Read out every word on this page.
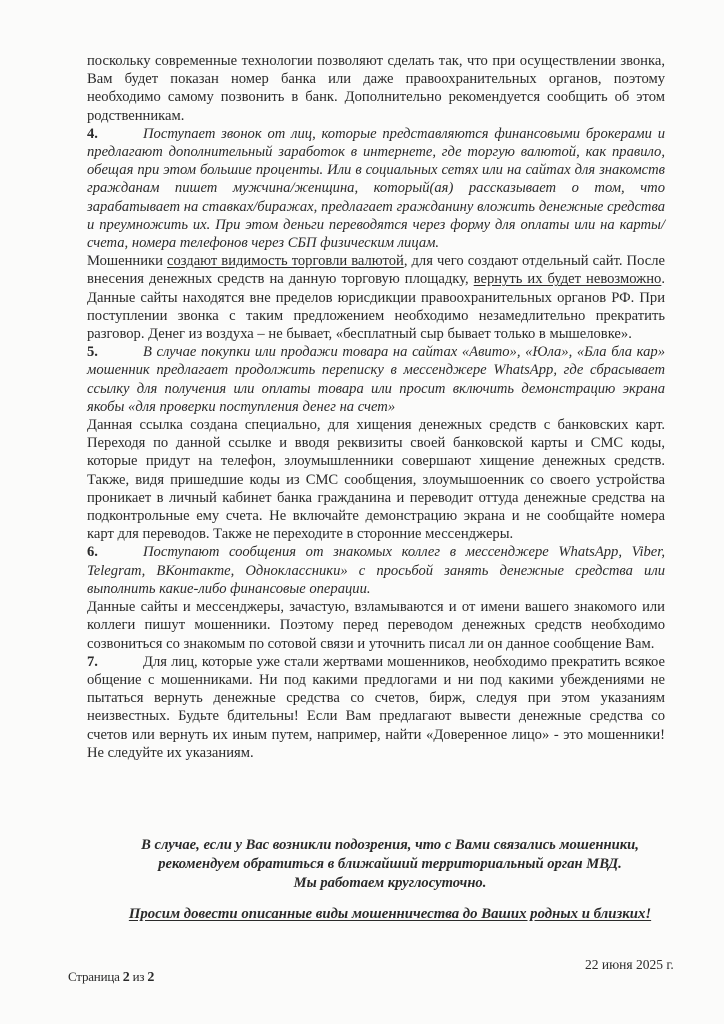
поскольку современные технологии позволяют сделать так, что при осуществлении звонка, Вам будет показан номер банка или даже правоохранительных органов, поэтому необходимо самому позвонить в банк. Дополнительно рекомендуется сообщить об этом родственникам.

4.	Поступает звонок от лиц, которые представляются финансовыми брокерами и предлагают дополнительный заработок в интернете, где торгую валютой, как правило, обещая при этом большие проценты. Или в социальных сетях или на сайтах для знакомств гражданам пишет мужчина/женщина, который(ая) рассказывает о том, что зарабатывает на ставках/биражах, предлагает гражданину вложить денежные средства и преумножить их. При этом деньги переводятся через форму для оплаты или на карты/счета, номера телефонов через СБП физическим лицам.

Мошенники создают видимость торговли валютой, для чего создают отдельный сайт. После внесения денежных средств на данную торговую площадку, вернуть их будет невозможно. Данные сайты находятся вне пределов юрисдикции правоохранительных органов РФ. При поступлении звонка с таким предложением необходимо незамедлительно прекратить разговор. Денег из воздуха – не бывает, «бесплатный сыр бывает только в мышеловке».

5.	В случае покупки или продажи товара на сайтах «Авито», «Юла», «Бла бла кар» мошенник предлагает продолжить переписку в мессенджере WhatsApp, где сбрасывает ссылку для получения или оплаты товара или просит включить демонстрацию экрана якобы «для проверки поступления денег на счет»

Данная ссылка создана специально, для хищения денежных средств с банковских карт. Переходя по данной ссылке и вводя реквизиты своей банковской карты и СМС коды, которые придут на телефон, злоумышленники совершают хищение денежных средств. Также, видя пришедшие коды из СМС сообщения, злоумышоенник со своего устройства проникает в личный кабинет банка гражданина и переводит оттуда денежные средства на подконтрольные ему счета. Не включайте демонстрацию экрана и не сообщайте номера карт для переводов. Также не переходите в сторонние мессенджеры.

6.	Поступают сообщения от знакомых коллег в мессенджере WhatsApp, Viber, Telegram, ВКонтакте, Одноклассники» с просьбой занять денежные средства или выполнить какие-либо финансовые операции.

Данные сайты и мессенджеры, зачастую, взламываются и от имени вашего знакомого или коллеги пишут мошенники. Поэтому перед переводом денежных средств необходимо созвониться со знакомым по сотовой связи и уточнить писал ли он данное сообщение Вам.

7.	Для лиц, которые уже стали жертвами мошенников, необходимо прекратить всякое общение с мошенниками. Ни под какими предлогами и ни под какими убеждениями не пытаться вернуть денежные средства со счетов, бирж, следуя при этом указаниям неизвестных. Будьте бдительны! Если Вам предлагают вывести денежные средства со счетов или вернуть их иным путем, например, найти «Доверенное лицо» - это мошенники! Не следуйте их указаниям.

В случае, если у Вас возникли подозрения, что с Вами связались мошенники,

рекомендуем обратиться в ближайший территориальный орган МВД.

Мы работаем круглосуточно.

Просим довести описанные виды мошенничества до Ваших родных и близких!
22 июня 2025 г.
Страница 2 из 2
